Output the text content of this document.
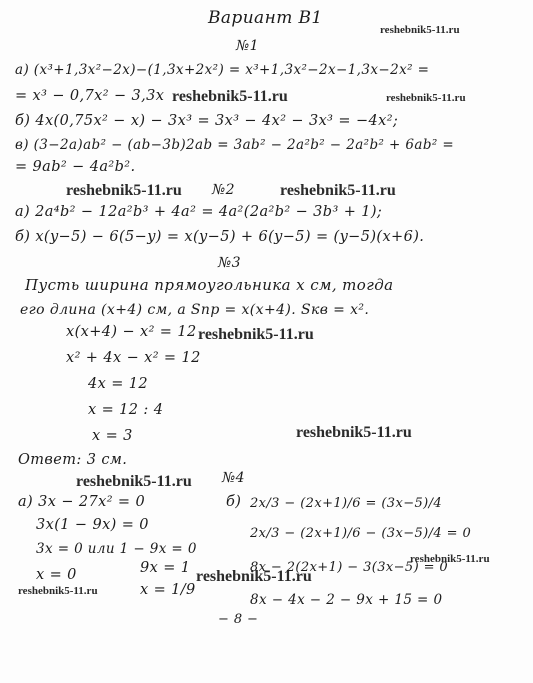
Вариант В1
reshebnik5-11.ru
№1
а) (x³+1,3x²−2x)−(1,3x+2x²) = x³+1,3x²−2x−1,3x−2x² =
= x³ − 0,7x² − 3,3x reshebnik5-11.ru	reshebnik5-11.ru
б) 4x(0,75x² − x) − 3x³ = 3x³ − 4x² − 3x³ = −4x²;
в) (3−2a)ab² − (ab−3b)2ab = 3ab² − 2a²b² − 2a²b² + 6ab² =
= 9ab² − 4a²b².
reshebnik5-11.ru №2	reshebnik5-11.ru
а) 2a⁴b² − 12a²b³ + 4a² = 4a²(2a²b² − 3b³ + 1);
б) x(y−5) − 6(5−y) = x(y−5) + 6(y−5) = (y−5)(x+6).
№3
Пусть ширина прямоугольника x см, тогда
его длина (x+4) см, а Sпр = x(x+4). Sкв = x².
x(x+4) − x² = 12 reshebnik5-11.ru
x² + 4x − x² = 12
4x = 12
x = 12 : 4
x = 3	reshebnik5-11.ru
Ответ: 3 см.
reshebnik5-11.ru №4
а) 3x − 27x² = 0
3x(1 − 9x) = 0
3x = 0 или 1 − 9x = 0
x = 0	9x = 1
x = 1/9
reshebnik5-11.ru
reshebnik5-11.ru
б) 2x/3 − (2x+1)/6 = (3x−5)/4
2x/3 − (2x+1)/6 − (3x−5)/4 = 0
reshebnik5-11.ru
8x − 2(2x+1) − 3(3x−5) = 0
8x − 4x − 2 − 9x + 15 = 0
− 8 −
